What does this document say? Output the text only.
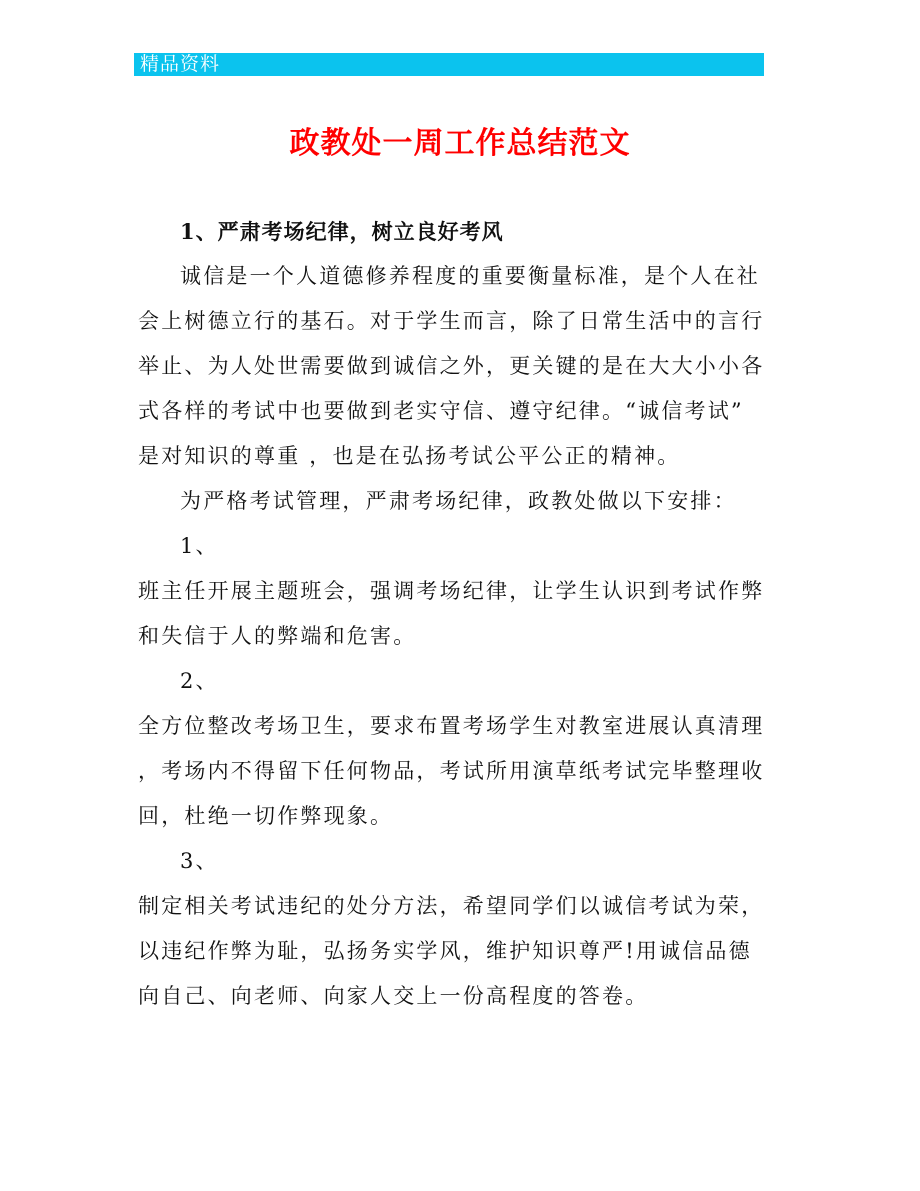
精品资料
政教处一周工作总结范文
1、严肃考场纪律，树立良好考风
诚信是一个人道德修养程度的重要衡量标准，是个人在社
会上树德立行的基石。对于学生而言，除了日常生活中的言行
举止、为人处世需要做到诚信之外，更关键的是在大大小小各
式各样的考试中也要做到老实守信、遵守纪律。“诚信考试”
是对知识的尊重 ，也是在弘扬考试公平公正的精神。
为严格考试管理，严肃考场纪律，政教处做以下安排：
1、
班主任开展主题班会，强调考场纪律，让学生认识到考试作弊
和失信于人的弊端和危害。
2、
全方位整改考场卫生，要求布置考场学生对教室进展认真清理
，考场内不得留下任何物品，考试所用演草纸考试完毕整理收
回，杜绝一切作弊现象。
3、
制定相关考试违纪的处分方法，希望同学们以诚信考试为荣，
以违纪作弊为耻，弘扬务实学风，维护知识尊严!用诚信品德
向自己、向老师、向家人交上一份高程度的答卷。
